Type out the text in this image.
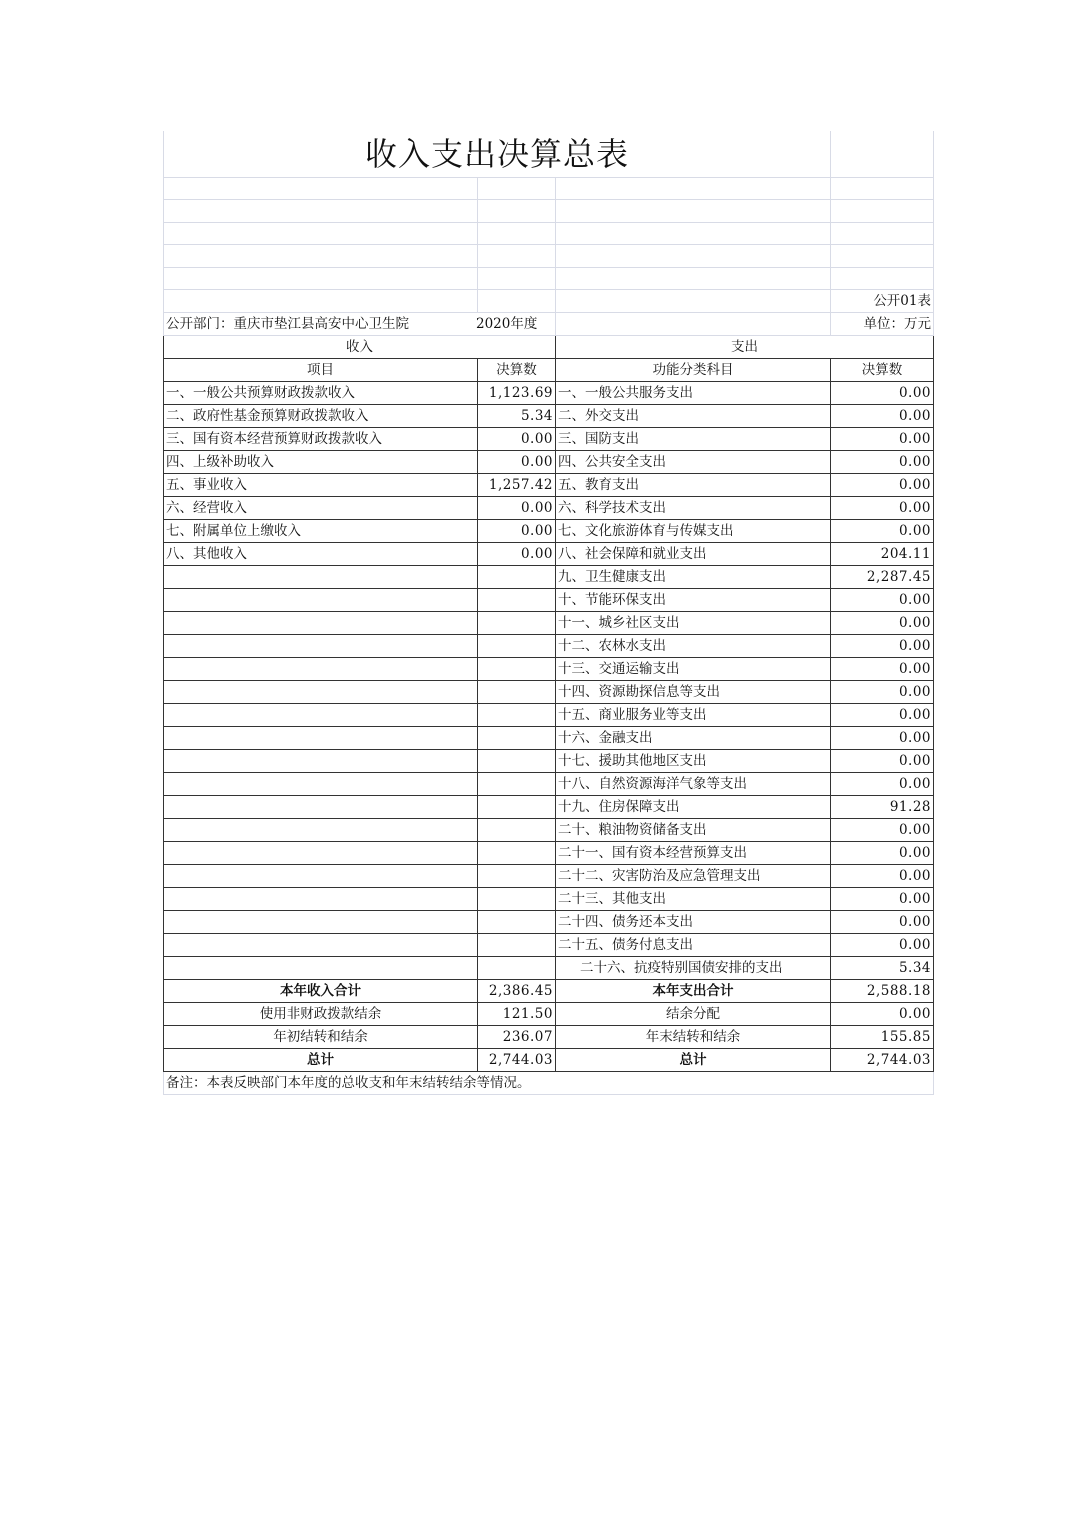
收入支出决算总表			

			公开01表
公开部门：重庆市垫江县高安中心卫生院 2020年度			单位：万元
收入		支出	
项目	决算数	功能分类科目	决算数
一、一般公共预算财政拨款收入	1,123.69	一、一般公共服务支出	0.00
二、政府性基金预算财政拨款收入	5.34	二、外交支出	0.00
三、国有资本经营预算财政拨款收入	0.00	三、国防支出	0.00
四、上级补助收入	0.00	四、公共安全支出	0.00
五、事业收入	1,257.42	五、教育支出	0.00
六、经营收入	0.00	六、科学技术支出	0.00
七、附属单位上缴收入	0.00	七、文化旅游体育与传媒支出	0.00
八、其他收入	0.00	八、社会保障和就业支出	204.11
		九、卫生健康支出	2,287.45
		十、节能环保支出	0.00
		十一、城乡社区支出	0.00
		十二、农林水支出	0.00
		十三、交通运输支出	0.00
		十四、资源勘探信息等支出	0.00
		十五、商业服务业等支出	0.00
		十六、金融支出	0.00
		十七、援助其他地区支出	0.00
		十八、自然资源海洋气象等支出	0.00
		十九、住房保障支出	91.28
		二十、粮油物资储备支出	0.00
		二十一、国有资本经营预算支出	0.00
		二十二、灾害防治及应急管理支出	0.00
		二十三、其他支出	0.00
		二十四、债务还本支出	0.00
		二十五、债务付息支出	0.00
		二十六、抗疫特别国债安排的支出	5.34
本年收入合计	2,386.45	本年支出合计	2,588.18
使用非财政拨款结余	121.50	结余分配	0.00
年初结转和结余	236.07	年末结转和结余	155.85
总计	2,744.03	总计	2,744.03
备注：本表反映部门本年度的总收支和年末结转结余等情况。			
